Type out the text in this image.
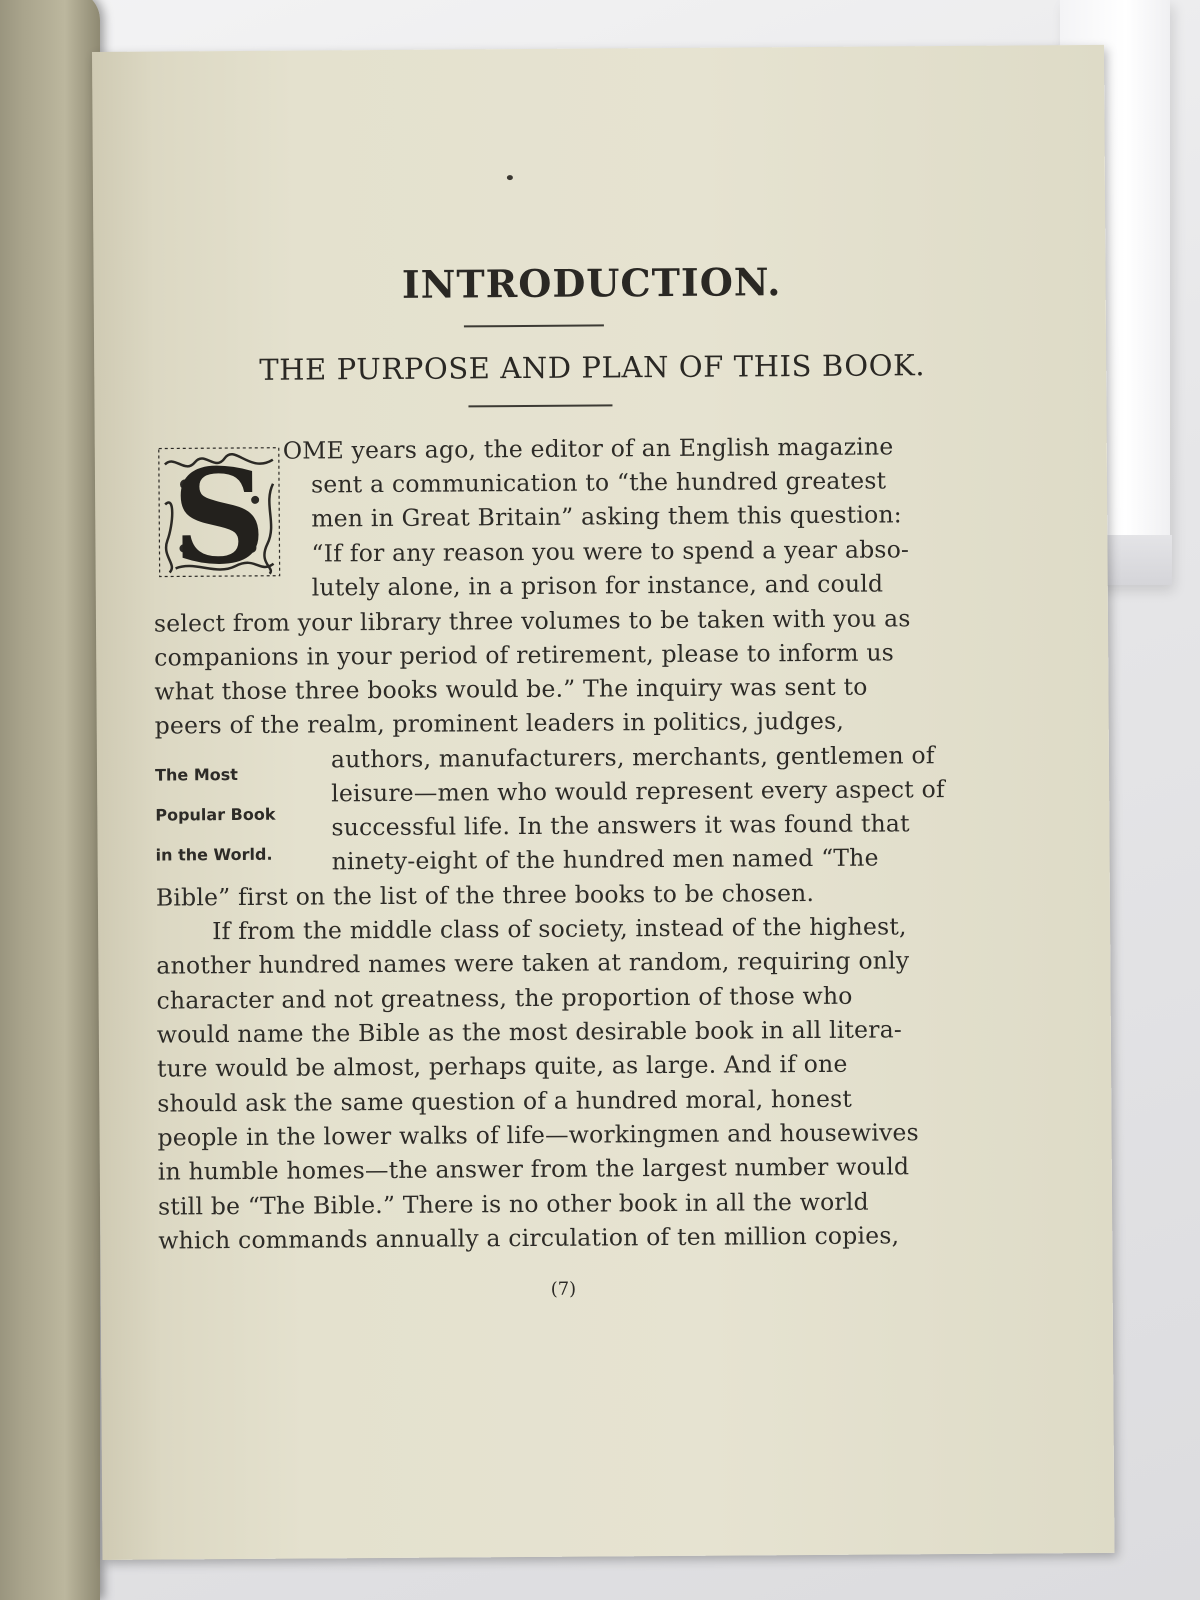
INTRODUCTION.
THE PURPOSE AND PLAN OF THIS BOOK.
S OME years ago, the editor of an English magazine
sent a communication to “the hundred greatest
men in Great Britain” asking them this question:
“If for any reason you were to spend a year abso-
lutely alone, in a prison for instance, and could
select from your library three volumes to be taken with you as
companions in your period of retirement, please to inform us
what those three books would be.” The inquiry was sent to
peers of the realm, prominent leaders in politics, judges,
authors, manufacturers, merchants, gentlemen of
leisure—men who would represent every aspect of
successful life. In the answers it was found that
ninety-eight of the hundred men named “The
Bible” first on the list of the three books to be chosen.
If from the middle class of society, instead of the highest,
another hundred names were taken at random, requiring only
character and not greatness, the proportion of those who
would name the Bible as the most desirable book in all litera-
ture would be almost, perhaps quite, as large. And if one
should ask the same question of a hundred moral, honest
people in the lower walks of life—workingmen and housewives
in humble homes—the answer from the largest number would
still be “The Bible.” There is no other book in all the world
which commands annually a circulation of ten million copies,
The Most
Popular Book
in the World.
(7)
